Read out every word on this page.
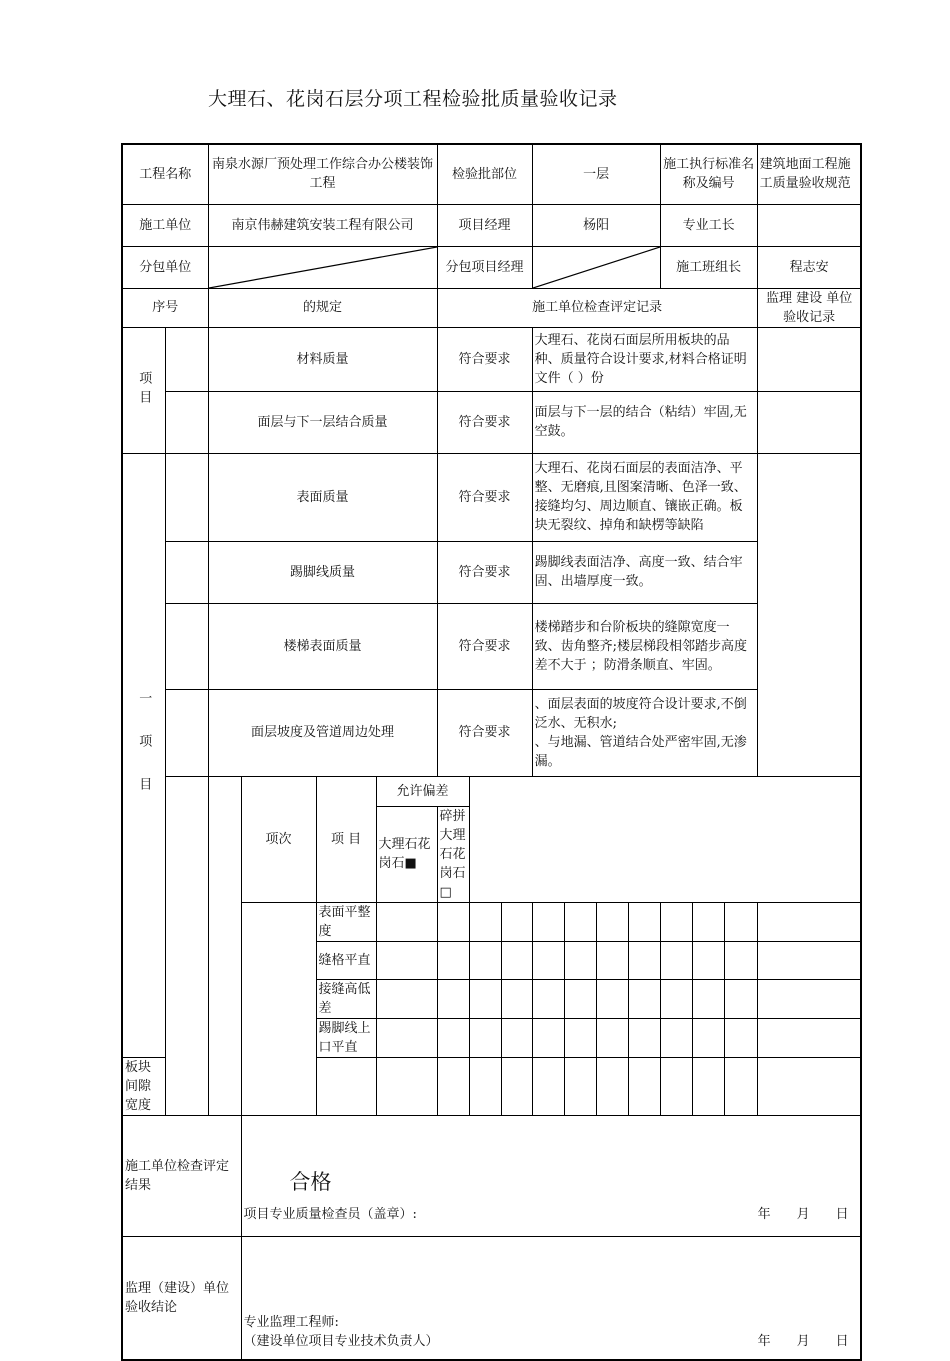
大理石、花岗石层分项工程检验批质量验收记录
工程名称		南泉水源厂预处理工作综合办公楼装饰工程				检验批部位			一层				施工执行标准名称及编号			建筑地面工程施工质量验收规范	
施工单位		南京伟赫建筑安装工程有限公司				项目经理			杨阳				专业工长				
分包单位						分包项目经理							施工班组长			程志安	
序号		的规定				施工单位检查评定记录										监理 建设 单位验收记录	
项目		材料质量				符合要求			大理石、花岗石面层所用板块的品种、质量符合设计要求,材料合格证明文件（ ）份								
		面层与下一层结合质量				符合要求			面层与下一层的结合（粘结）牢固,无空鼓。								
一项目		表面质量				符合要求			大理石、花岗石面层的表面洁净、平整、无磨痕,且图案清晰、色泽一致、接缝均匀、周边顺直、镶嵌正确。板块无裂纹、掉角和缺楞等缺陷								
		踢脚线质量				符合要求			踢脚线表面洁净、高度一致、结合牢固、出墙厚度一致。								
		楼梯表面质量				符合要求			楼梯踏步和台阶板块的缝隙宽度一致、齿角整齐;楼层梯段相邻踏步高度差不大于 ；防滑条顺直、牢固。								
		面层坡度及管道周边处理				符合要求			、面层表面的坡度符合设计要求,不倒泛水、无积水;
、与地漏、管道结合处严密牢固,无渗漏。								
			项次	项 目	允许偏差												
					大理石花岗石■	碎拼大理石花岗石□											
				表面平整度													
				缝格平直													
				接缝高低差													
				踢脚线上口平直													
板块间隙宽度																	
施工单位检查评定结果			合格
项目专业质量检查员（盖章）: 年 月 日														

监理（建设）单位验收结论			专业监理工程师:
（建设单位项目专业技术负责人） 年 月 日														
